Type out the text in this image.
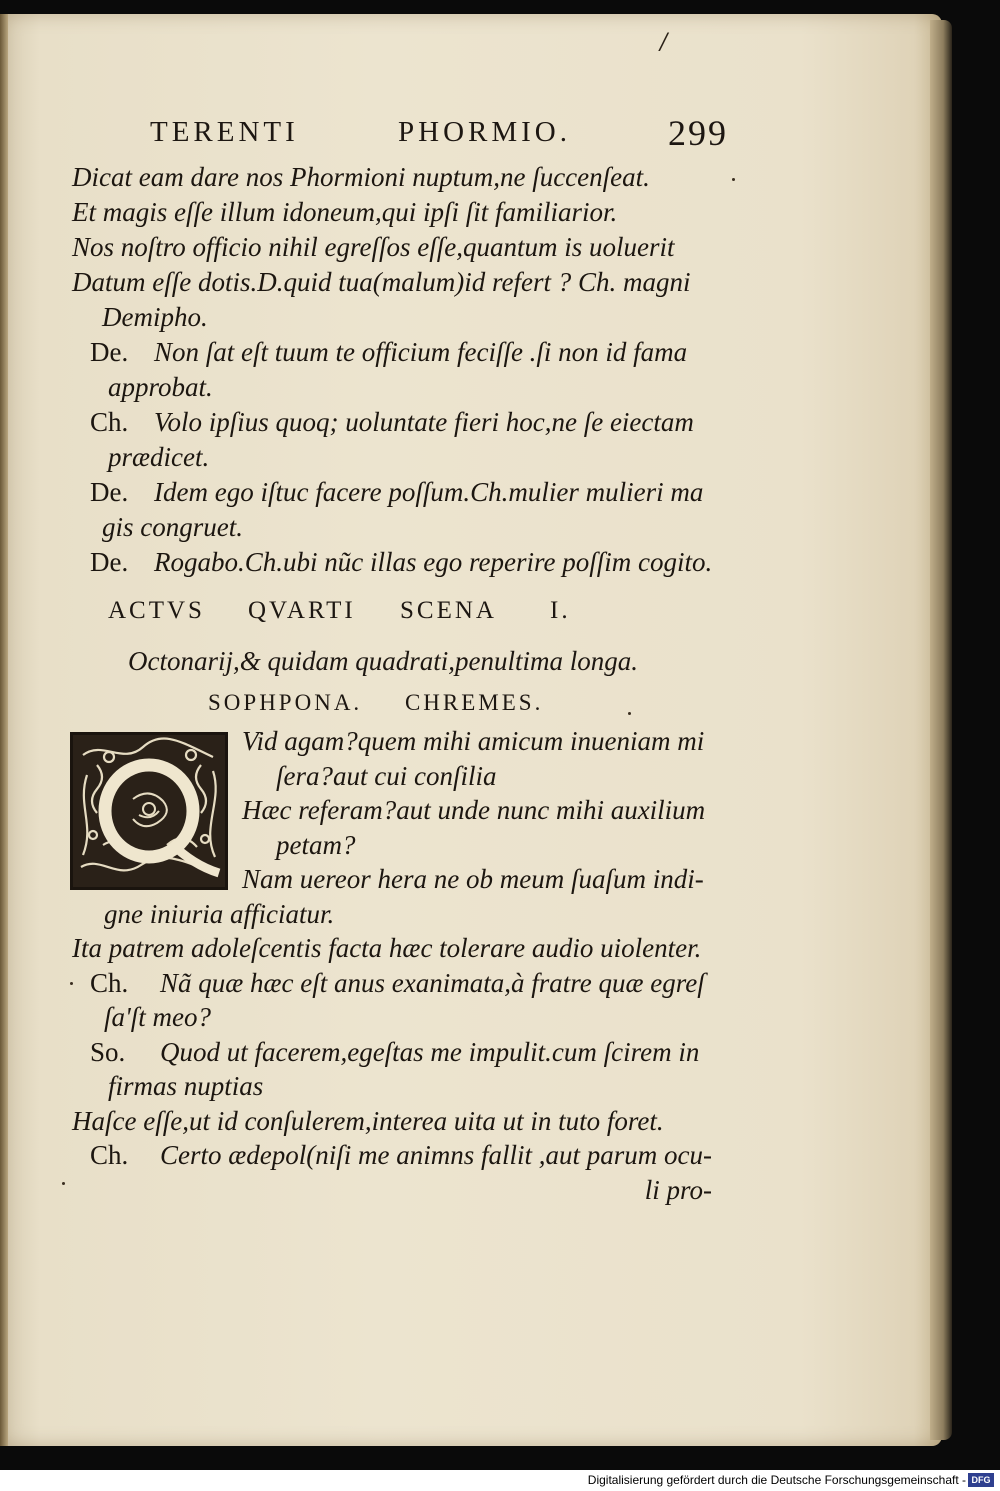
/
TERENTI	PHORMIO.	299
Dicat eam dare nos Phormioni nuptum,ne ſuccenſeat.
Et magis eſſe illum idoneum,qui ipſi ſit familiarior.
Nos noſtro officio nihil egreſſos eſſe,quantum is uoluerit
Datum eſſe dotis.D.quid tua(malum)id refert ? Ch. magni
Demipho.
De. Non ſat eſt tuum te officium feciſſe .ſi non id fama
approbat.
Ch. Volo ipſius quoq; uoluntate fieri hoc,ne ſe eiectam
prædicet.
De. Idem ego iſtuc facere poſſum.Ch.mulier mulieri ma
gis congruet.
De. Rogabo.Ch.ubi nũc illas ego reperire poſſim cogito.
ACTVS QVARTI SCENA I.
Octonarij,& quidam quadrati,penultima longa.
SOPHPONA. CHREMES.
Vid agam?quem mihi amicum inueniam mi
ſera?aut cui conſilia
Hæc referam?aut unde nunc mihi auxilium
petam?
Nam uereor hera ne ob meum ſuaſum indi-
gne iniuria afficiatur.
Ita patrem adoleſcentis facta hæc tolerare audio uiolenter.
Ch. Nã quæ hæc eſt anus exanimata,à fratre quæ egreſ
ſa'ſt meo?
So. Quod ut facerem,egeſtas me impulit.cum ſcirem in
firmas nuptias
Haſce eſſe,ut id conſulerem,interea uita ut in tuto foret.
Ch. Certo ædepol(niſi me animns fallit ,aut parum ocu-
li pro-
Digitalisierung gefördert durch die Deutsche Forschungsgemeinschaft - DFG
